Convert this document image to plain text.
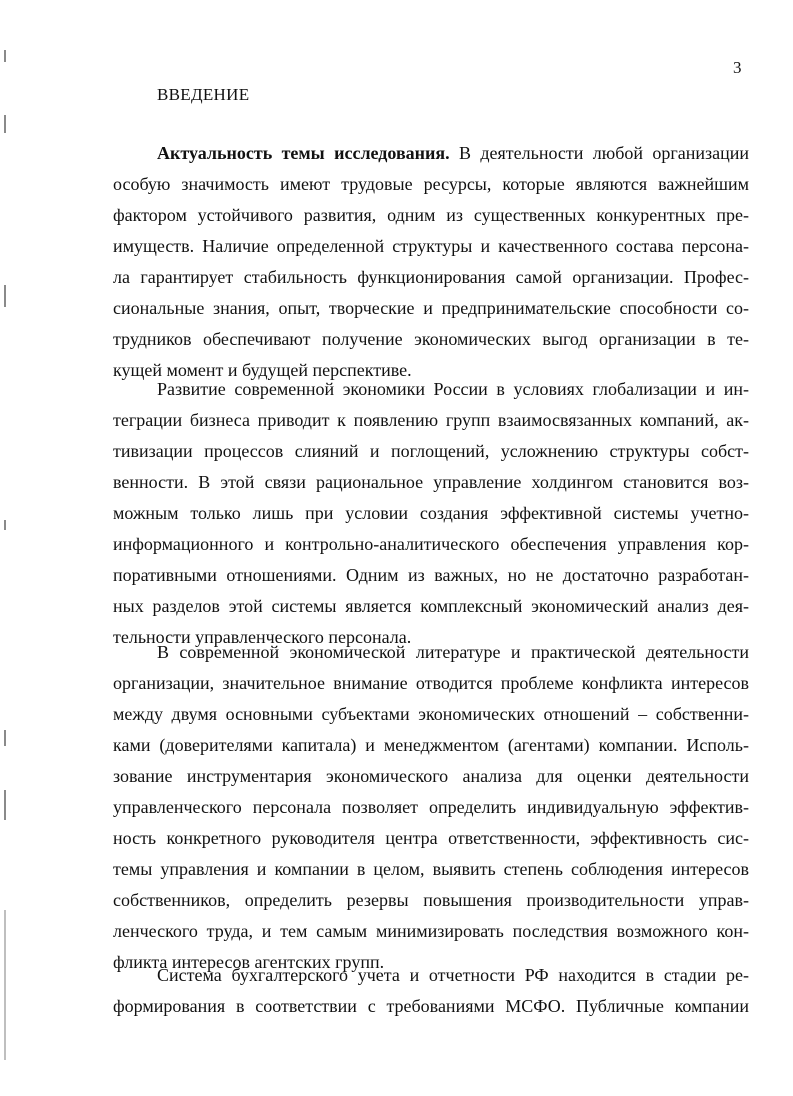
3
ВВЕДЕНИЕ
Актуальность темы исследования. В деятельности любой организации
особую значимость имеют трудовые ресурсы, которые являются важнейшим
фактором устойчивого развития, одним из существенных конкурентных пре-
имуществ. Наличие определенной структуры и качественного состава персона-
ла гарантирует стабильность функционирования самой организации. Профес-
сиональные знания, опыт, творческие и предпринимательские способности со-
трудников обеспечивают получение экономических выгод организации в те-
кущей момент и будущей перспективе.
Развитие современной экономики России в условиях глобализации и ин-
теграции бизнеса приводит к появлению групп взаимосвязанных компаний, ак-
тивизации процессов слияний и поглощений, усложнению структуры собст-
венности. В этой связи рациональное управление холдингом становится воз-
можным только лишь при условии создания эффективной системы учетно-
информационного и контрольно-аналитического обеспечения управления кор-
поративными отношениями. Одним из важных, но не достаточно разработан-
ных разделов этой системы является комплексный экономический анализ дея-
тельности управленческого персонала.
В современной экономической литературе и практической деятельности
организации, значительное внимание отводится проблеме конфликта интересов
между двумя основными субъектами экономических отношений – собственни-
ками (доверителями капитала) и менеджментом (агентами) компании. Исполь-
зование инструментария экономического анализа для оценки деятельности
управленческого персонала позволяет определить индивидуальную эффектив-
ность конкретного руководителя центра ответственности, эффективность сис-
темы управления и компании в целом, выявить степень соблюдения интересов
собственников, определить резервы повышения производительности управ-
ленческого труда, и тем самым минимизировать последствия возможного кон-
фликта интересов агентских групп.
Система бухгалтерского учета и отчетности РФ находится в стадии ре-
формирования в соответствии с требованиями МСФО. Публичные компании
